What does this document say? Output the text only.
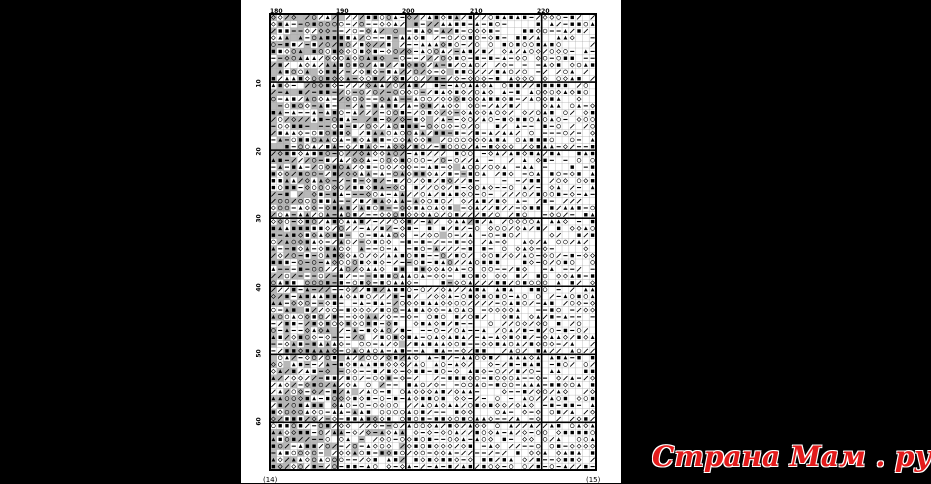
180	190	200	210	220
10
20
30
40
50
60
(14)	(15)
Страна Мам . ру
